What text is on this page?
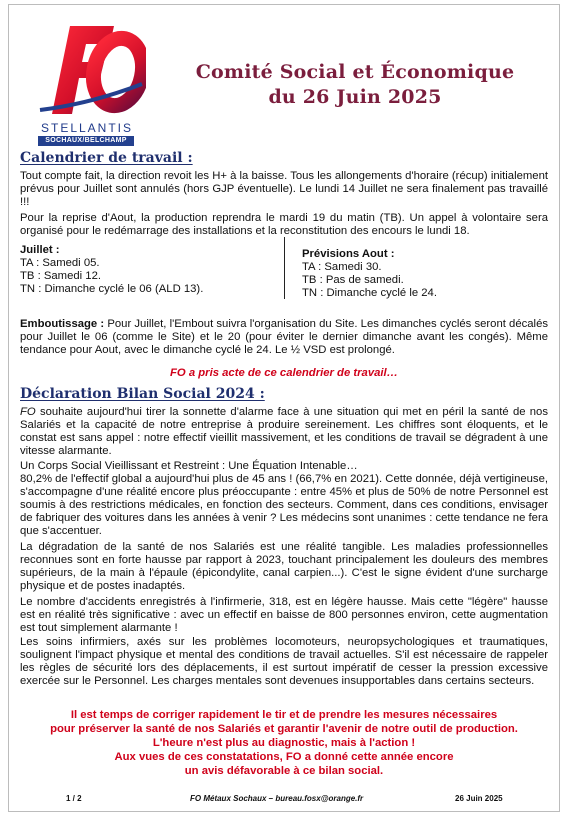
STELLANTIS
SOCHAUX/BELCHAMP
Comité Social et Économique
du 26 Juin 2025
Calendrier de travail :

Tout compte fait, la direction revoit les H+ à la baisse. Tous les allongements d'horaire (récup) initialement prévus pour Juillet sont annulés (hors GJP éventuelle). Le lundi 14 Juillet ne sera finalement pas travaillé !!!

Pour la reprise d'Aout, la production reprendra le mardi 19 du matin (TB). Un appel à volontaire sera organisé pour le redémarrage des installations et la reconstitution des encours le lundi 18.

Juillet :
TA : Samedi 05.
TB : Samedi 12.
TN : Dimanche cyclé le 06 (ALD 13).
Prévisions Aout :
TA : Samedi 30.
TB : Pas de samedi.
TN : Dimanche cyclé le 24.

Emboutissage : Pour Juillet, l'Embout suivra l'organisation du Site. Les dimanches cyclés seront décalés pour Juillet le 06 (comme le Site) et le 20 (pour éviter le dernier dimanche avant les congés). Même tendance pour Aout, avec le dimanche cyclé le 24. Le ½ VSD est prolongé.

FO a pris acte de ce calendrier de travail…
Déclaration Bilan Social 2024 :

FO souhaite aujourd'hui tirer la sonnette d'alarme face à une situation qui met en péril la santé de nos Salariés et la capacité de notre entreprise à produire sereinement. Les chiffres sont éloquents, et le constat est sans appel : notre effectif vieillit massivement, et les conditions de travail se dégradent à une vitesse alarmante.

Un Corps Social Vieillissant et Restreint : Une Équation Intenable…

80,2% de l'effectif global a aujourd'hui plus de 45 ans ! (66,7% en 2021). Cette donnée, déjà vertigineuse, s'accompagne d'une réalité encore plus préoccupante : entre 45% et plus de 50% de notre Personnel est soumis à des restrictions médicales, en fonction des secteurs. Comment, dans ces conditions, envisager de fabriquer des voitures dans les années à venir ? Les médecins sont unanimes : cette tendance ne fera que s'accentuer.

La dégradation de la santé de nos Salariés est une réalité tangible. Les maladies professionnelles reconnues sont en forte hausse par rapport à 2023, touchant principalement les douleurs des membres supérieurs, de la main à l'épaule (épicondylite, canal carpien...). C'est le signe évident d'une surcharge physique et de postes inadaptés.

Le nombre d'accidents enregistrés à l'infirmerie, 318, est en légère hausse. Mais cette "légère" hausse est en réalité très significative : avec un effectif en baisse de 800 personnes environ, cette augmentation est tout simplement alarmante !

Les soins infirmiers, axés sur les problèmes locomoteurs, neuropsychologiques et traumatiques, soulignent l'impact physique et mental des conditions de travail actuelles. S'il est nécessaire de rappeler les règles de sécurité lors des déplacements, il est surtout impératif de cesser la pression excessive exercée sur le Personnel. Les charges mentales sont devenues insupportables dans certains secteurs.

Il est temps de corriger rapidement le tir et de prendre les mesures nécessaires
pour préserver la santé de nos Salariés et garantir l'avenir de notre outil de production.
L'heure n'est plus au diagnostic, mais à l'action !
Aux vues de ces constatations, FO a donné cette année encore
un avis défavorable à ce bilan social.
1 / 2	FO Métaux Sochaux – bureau.fosx@orange.fr	26 Juin 2025
